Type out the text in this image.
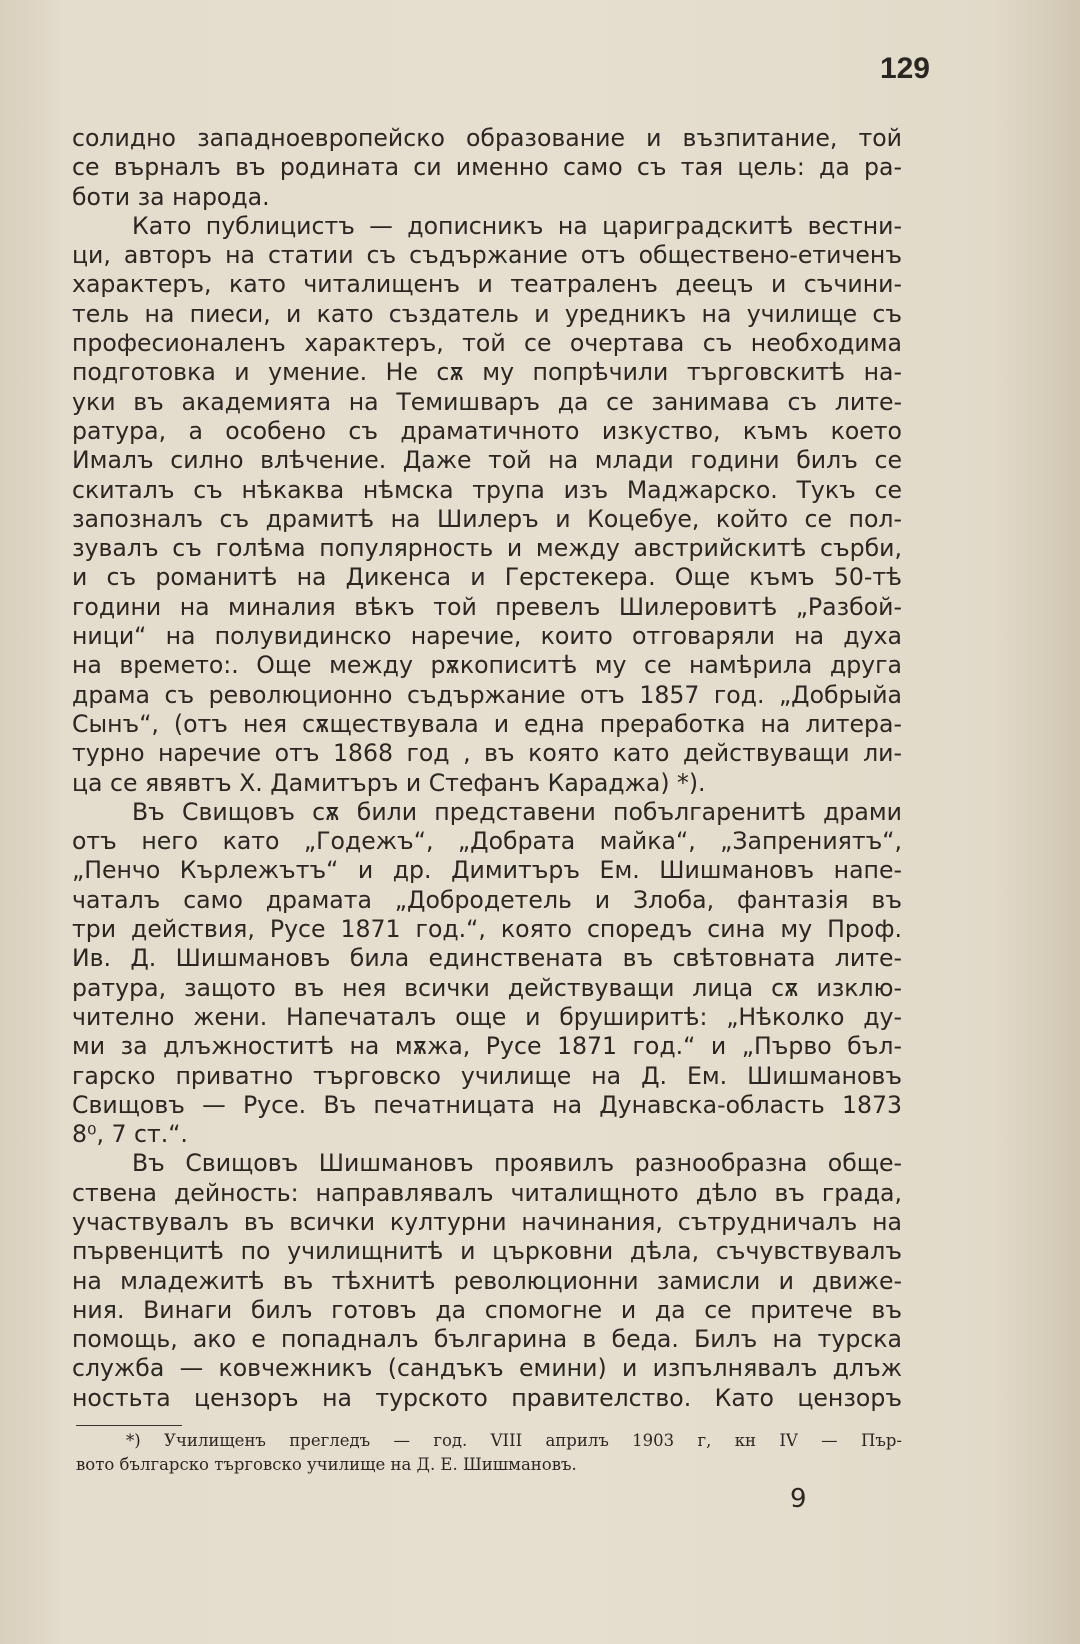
129
солидно западноевропейско образование и възпитание, той
се върналъ въ родината си именно само съ тая цель: да ра-
боти за народа.
Като публицистъ — дописникъ на цариградскитѣ вестни-
ци, авторъ на статии съ съдържание отъ обществено-етиченъ
характеръ, като читалищенъ и театраленъ деецъ и съчини-
тель на пиеси, и като създатель и уредникъ на училище съ
професионаленъ характеръ, той се очертава съ необходима
подготовка и умение. Не сѫ му попрѣчили търговскитѣ на-
уки въ академията на Темишваръ да се занимава съ лите-
ратура, а особено съ драматичното изкуство, къмъ което
Ималъ силно влѣчение. Даже той на млади години билъ се
скиталъ съ нѣкаква нѣмска трупа изъ Маджарско. Тукъ се
запозналъ съ драмитѣ на Шилеръ и Коцебуе, който се пол-
зувалъ съ голѣма популярность и между австрийскитѣ сърби,
и съ романитѣ на Дикенса и Герстекера. Още къмъ 50-тѣ
години на миналия вѣкъ той превелъ Шилеровитѣ „Разбой-
ници“ на полувидинско наречие, които отговаряли на духа
на времето:. Още между рѫкописитѣ му се намѣрила друга
драма съ революционно съдържание отъ 1857 год. „Добрыйа
Сынъ“, (отъ нея сѫществувала и една преработка на литера-
турно наречие отъ 1868 год , въ която като действуващи ли-
ца се явявтъ Х. Дамитъръ и Стефанъ Караджа) *).
Въ Свищовъ сѫ били представени побългаренитѣ драми
отъ него като „Годежъ“, „Добрата майка“, „Запрениятъ“,
„Пенчо Кърлежътъ“ и др. Димитъръ Ем. Шишмановъ напе-
чаталъ само драмата „Добродетель и Злоба, фантазія въ
три действия, Русе 1871 год.“, която споредъ сина му Проф.
Ив. Д. Шишмановъ била единствената въ свѣтовната лите-
ратура, защото въ нея всички действуващи лица сѫ изклю-
чително жени. Напечаталъ още и бруширитѣ: „Нѣколко ду-
ми за длъжноститѣ на мѫжа, Русе 1871 год.“ и „Първо бъл-
гарско приватно търговско училище на Д. Ем. Шишмановъ
Свищовъ — Русе. Въ печатницата на Дунавска-область 1873
8⁰, 7 ст.“.
Въ Свищовъ Шишмановъ проявилъ разнообразна обще-
ствена дейность: направлявалъ читалищното дѣло въ града,
участвувалъ въ всички културни начинания, сътрудничалъ на
първенцитѣ по училищнитѣ и църковни дѣла, съчувствувалъ
на младежитѣ въ тѣхнитѣ революционни замисли и движе-
ния. Винаги билъ готовъ да спомогне и да се притече въ
помощь, ако е попадналъ българина в беда. Билъ на турска
служба — ковчежникъ (сандъкъ емини) и изпълнявалъ длъж
ностьта цензоръ на турското правителство. Като цензоръ
*) Училищенъ прегледъ — год. VIII априлъ 1903 г, кн IV — Пър-
вото българско търговско училище на Д. Е. Шишмановъ.
9
